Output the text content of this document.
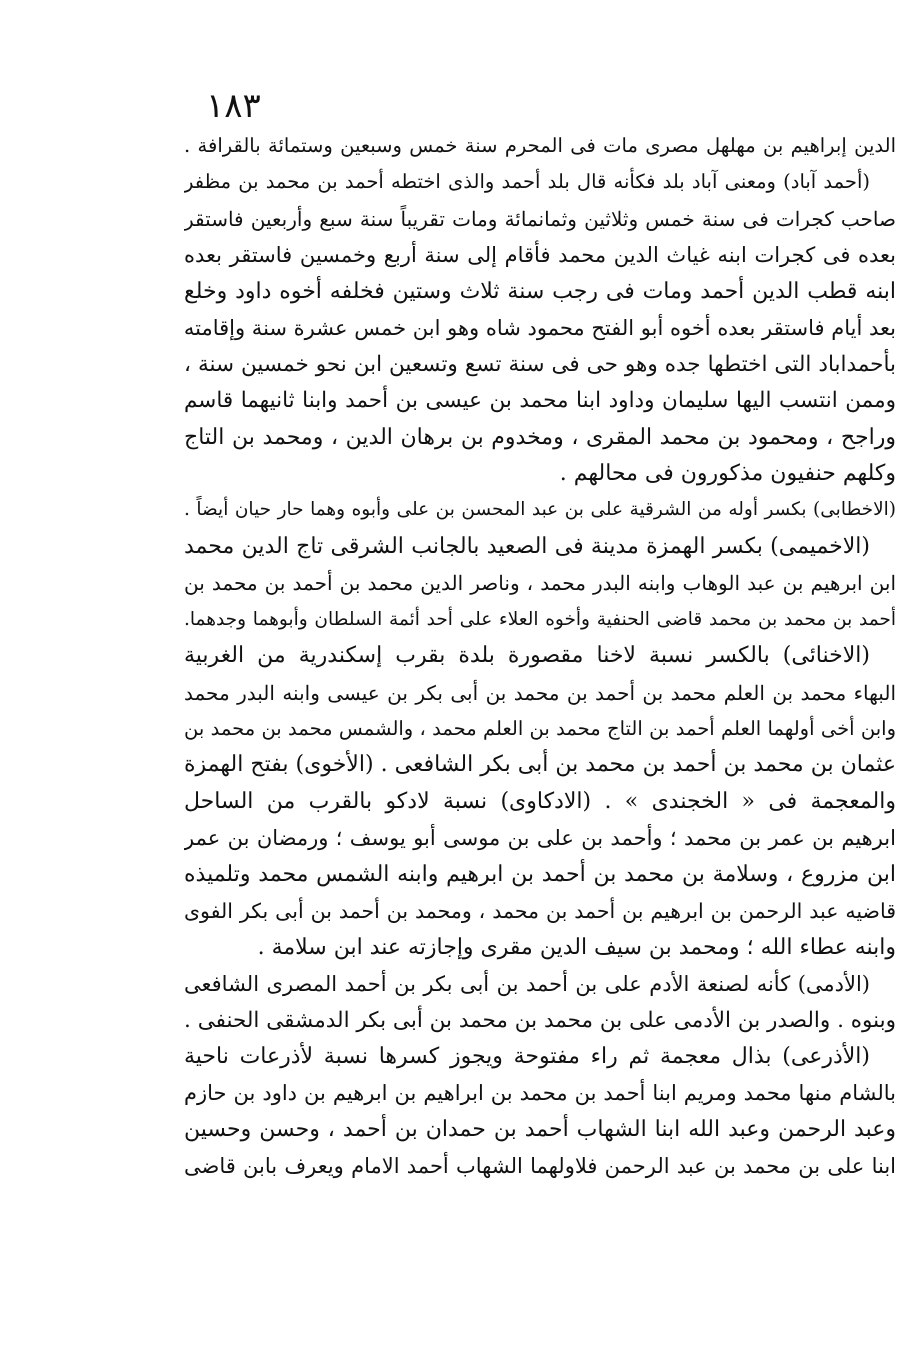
١٨٣
الدين إبراهيم بن مهلهل مصرى مات فى المحرم سنة خمس وسبعين وستمائة بالقرافة .
(أحمد آباد) ومعنى آباد بلد فكأنه قال بلد أحمد والذى اختطه أحمد بن محمد بن مظفر
صاحب كجرات فى سنة خمس وثلاثين وثمانمائة ومات تقريباً سنة سبع وأربعين فاستقر
بعده فى كجرات ابنه غياث الدين محمد فأقام إلى سنة أربع وخمسين فاستقر بعده
ابنه قطب الدين أحمد ومات فى رجب سنة ثلاث وستين فخلفه أخوه داود وخلع
بعد أيام فاستقر بعده أخوه أبو الفتح محمود شاه وهو ابن خمس عشرة سنة وإقامته
بأحمداباد التى اختطها جده وهو حى فى سنة تسع وتسعين ابن نحو خمسين سنة ،
وممن انتسب اليها سليمان وداود ابنا محمد بن عيسى بن أحمد وابنا ثانيهما قاسم
وراجح ، ومحمود بن محمد المقرى ، ومخدوم بن برهان الدين ، ومحمد بن التاج
وكلهم حنفيون مذكورون فى محالهم .
(الاخطابى) بكسر أوله من الشرقية على بن عبد المحسن بن على وأبوه وهما حار حيان أيضاً .
(الاخميمى) بكسر الهمزة مدينة فى الصعيد بالجانب الشرقى تاج الدين محمد
ابن ابرهيم بن عبد الوهاب وابنه البدر محمد ، وناصر الدين محمد بن أحمد بن محمد بن
أحمد بن محمد بن محمد قاضى الحنفية وأخوه العلاء على أحد أئمة السلطان وأبوهما وجدهما.
(الاخنائى) بالكسر نسبة لاخنا مقصورة بلدة بقرب إسكندرية من الغربية
البهاء محمد بن العلم محمد بن أحمد بن محمد بن أبى بكر بن عيسى وابنه البدر محمد
وابن أخى أولهما العلم أحمد بن التاج محمد بن العلم محمد ، والشمس محمد بن محمد بن
عثمان بن محمد بن أحمد بن محمد بن أبى بكر الشافعى . (الأخوى) بفتح الهمزة
والمعجمة فى « الخجندى » . (الادكاوى) نسبة لادكو بالقرب من الساحل
ابرهيم بن عمر بن محمد ؛ وأحمد بن على بن موسى أبو يوسف ؛ ورمضان بن عمر
ابن مزروع ، وسلامة بن محمد بن أحمد بن ابرهيم وابنه الشمس محمد وتلميذه
قاضيه عبد الرحمن بن ابرهيم بن أحمد بن محمد ، ومحمد بن أحمد بن أبى بكر الفوى
وابنه عطاء الله ؛ ومحمد بن سيف الدين مقرى وإجازته عند ابن سلامة .
(الأدمى) كأنه لصنعة الأدم على بن أحمد بن أبى بكر بن أحمد المصرى الشافعى
وبنوه . والصدر بن الأدمى على بن محمد بن محمد بن أبى بكر الدمشقى الحنفى .
(الأذرعى) بذال معجمة ثم راء مفتوحة ويجوز كسرها نسبة لأذرعات ناحية
بالشام منها محمد ومريم ابنا أحمد بن محمد بن ابراهيم بن ابرهيم بن داود بن حازم
وعبد الرحمن وعبد الله ابنا الشهاب أحمد بن حمدان بن أحمد ، وحسن وحسين
ابنا على بن محمد بن عبد الرحمن فلاولهما الشهاب أحمد الامام ويعرف بابن قاضى
